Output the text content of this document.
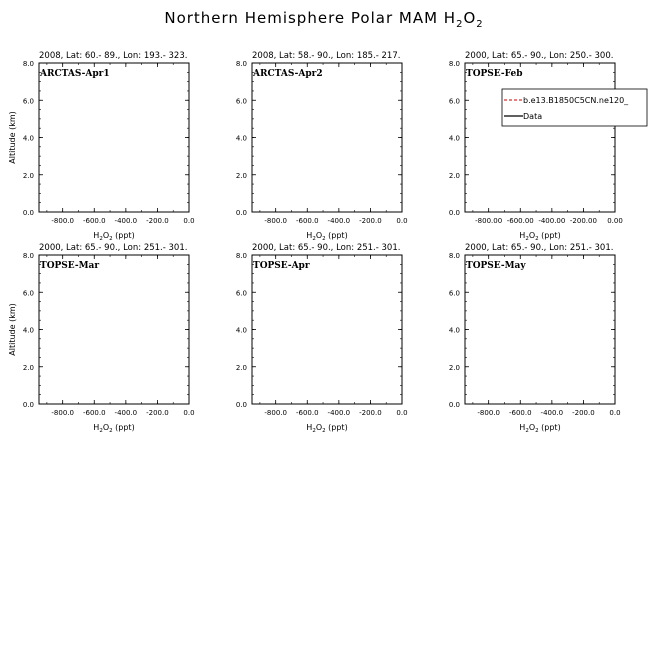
Northern Hemisphere Polar MAM $H_2O_2$
2008, Lat: 60.- 89., Lon: 193.- 323.
0.0
2.0
4.0
6.0
8.0
-800.0 -600.0 -400.0 -200.0 0.0
$H_2O_2$ (ppt)
Altitude (km)
ARCTAS-Apr1
2008, Lat: 58.- 90., Lon: 185.- 217.
0.0
2.0
4.0
6.0
8.0
-800.0 -600.0 -400.0 -200.0 0.0
$H_2O_2$ (ppt)
ARCTAS-Apr2
2000, Lat: 65.- 90., Lon: 250.- 300.
0.0
2.0
4.0
6.0
8.0
-800.00 -600.00 -400.00 -200.00 0.00
$H_2O_2$ (ppt)
TOPSE-Feb
b.e13.B1850C5CN.ne120_
Data
2000, Lat: 65.- 90., Lon: 251.- 301.
0.0
2.0
4.0
6.0
8.0
-800.0 -600.0 -400.0 -200.0 0.0
$H_2O_2$ (ppt)
Altitude (km)
TOPSE-Mar
2000, Lat: 65.- 90., Lon: 251.- 301.
0.0
2.0
4.0
6.0
8.0
-800.0 -600.0 -400.0 -200.0 0.0
$H_2O_2$ (ppt)
TOPSE-Apr
2000, Lat: 65.- 90., Lon: 251.- 301.
0.0
2.0
4.0
6.0
8.0
-800.0 -600.0 -400.0 -200.0 0.0
$H_2O_2$ (ppt)
TOPSE-May
